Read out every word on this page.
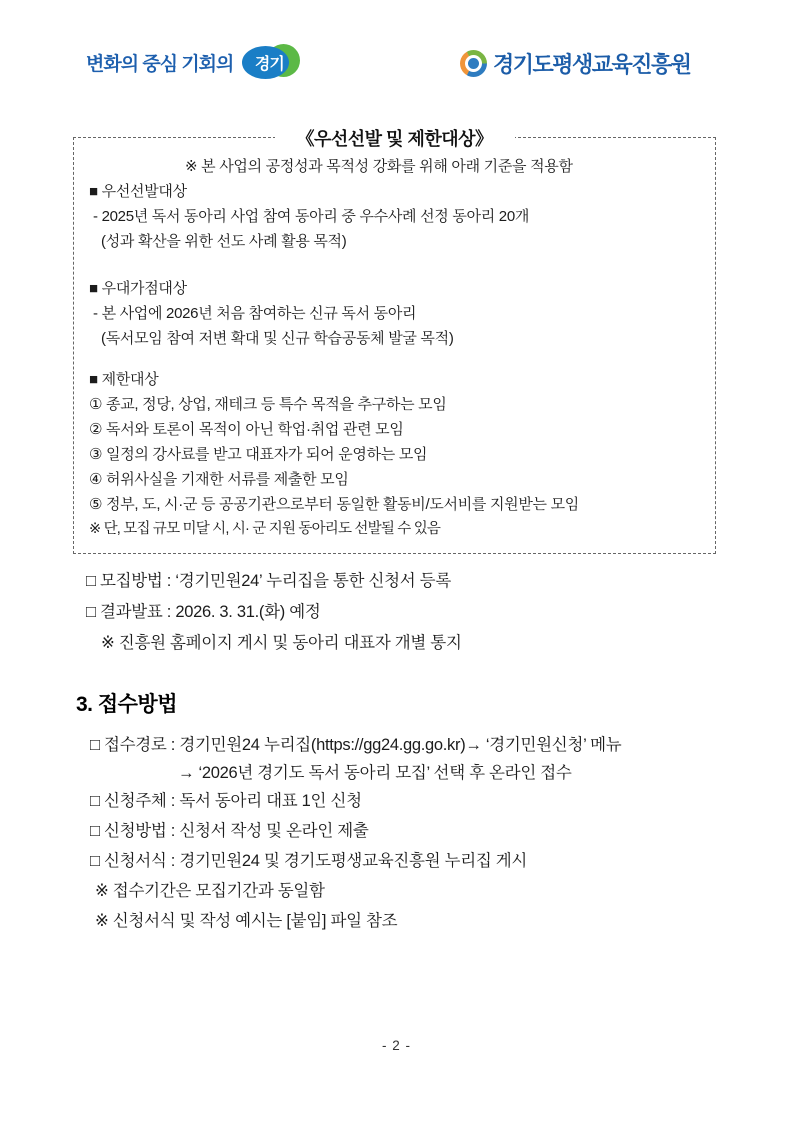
변화의 중심 기회의	경기	경기도평생교육진흥원
《우선선발 및 제한대상》
※ 본 사업의 공정성과 목적성 강화를 위해 아래 기준을 적용함
■ 우선선발대상
- 2025년 독서 동아리 사업 참여 동아리 중 우수사례 선정 동아리 20개
(성과 확산을 위한 선도 사례 활용 목적)
■ 우대가점대상
- 본 사업에 2026년 처음 참여하는 신규 독서 동아리
(독서모임 참여 저변 확대 및 신규 학습공동체 발굴 목적)
■ 제한대상
① 종교, 정당, 상업, 재테크 등 특수 목적을 추구하는 모임
② 독서와 토론이 목적이 아닌 학업·취업 관련 모임
③ 일정의 강사료를 받고 대표자가 되어 운영하는 모임
④ 허위사실을 기재한 서류를 제출한 모임
⑤ 정부, 도, 시·군 등 공공기관으로부터 동일한 활동비/도서비를 지원받는 모임
※ 단, 모집 규모 미달 시, 시· 군 지원 동아리도 선발될 수 있음
□ 모집방법 : ‘경기민원24’ 누리집을 통한 신청서 등록
□ 결과발표 : 2026. 3. 31.(화) 예정
※ 진흥원 홈페이지 게시 및 동아리 대표자 개별 통지
3. 접수방법
□ 접수경로 : 경기민원24 누리집(https://gg24.gg.go.kr)→ ‘경기민원신청’ 메뉴
→ ‘2026년 경기도 독서 동아리 모집’ 선택 후 온라인 접수
□ 신청주체 : 독서 동아리 대표 1인 신청
□ 신청방법 : 신청서 작성 및 온라인 제출
□ 신청서식 : 경기민원24 및 경기도평생교육진흥원 누리집 게시
※ 접수기간은 모집기간과 동일함
※ 신청서식 및 작성 예시는 [붙임] 파일 참조
- 2 -
